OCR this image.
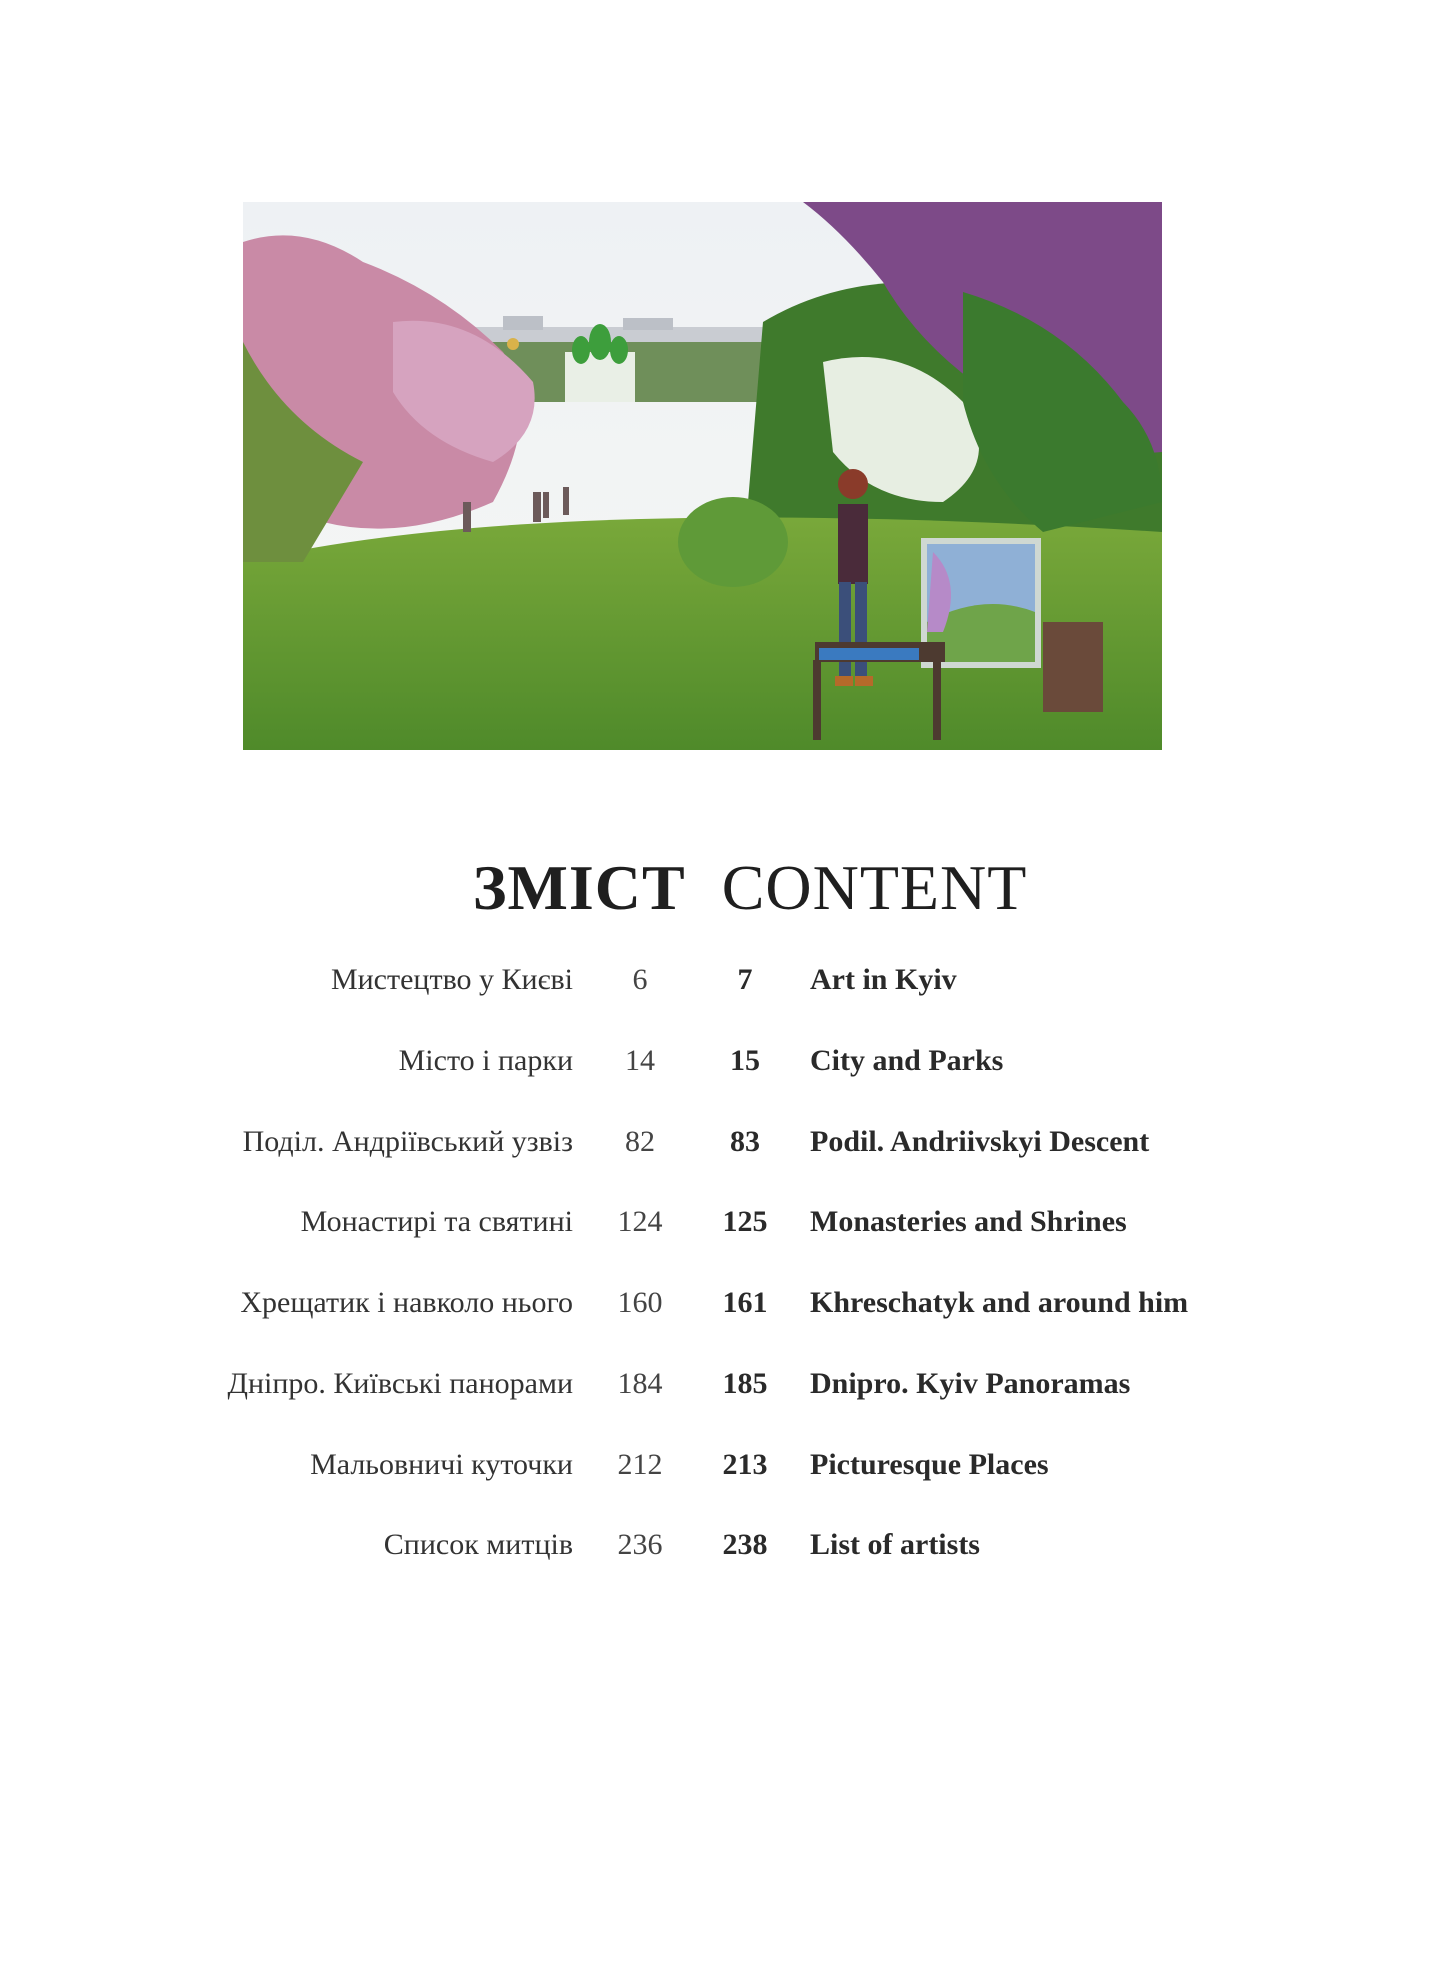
ЗМІСТ CONTENT
Мистецтво у Києві	6	7	Art in Kyiv
Місто і парки	14	15	City and Parks
Поділ. Андріївський узвіз	82	83	Podil. Andriivskyi Descent
Монастирі та святині	124	125	Monasteries and Shrines
Хрещатик і навколо нього	160	161	Khreschatyk and around him
Дніпро. Київські панорами	184	185	Dnipro. Kyiv Panoramas
Мальовничі куточки	212	213	Picturesque Places
Список митців	236	238	List of artists
